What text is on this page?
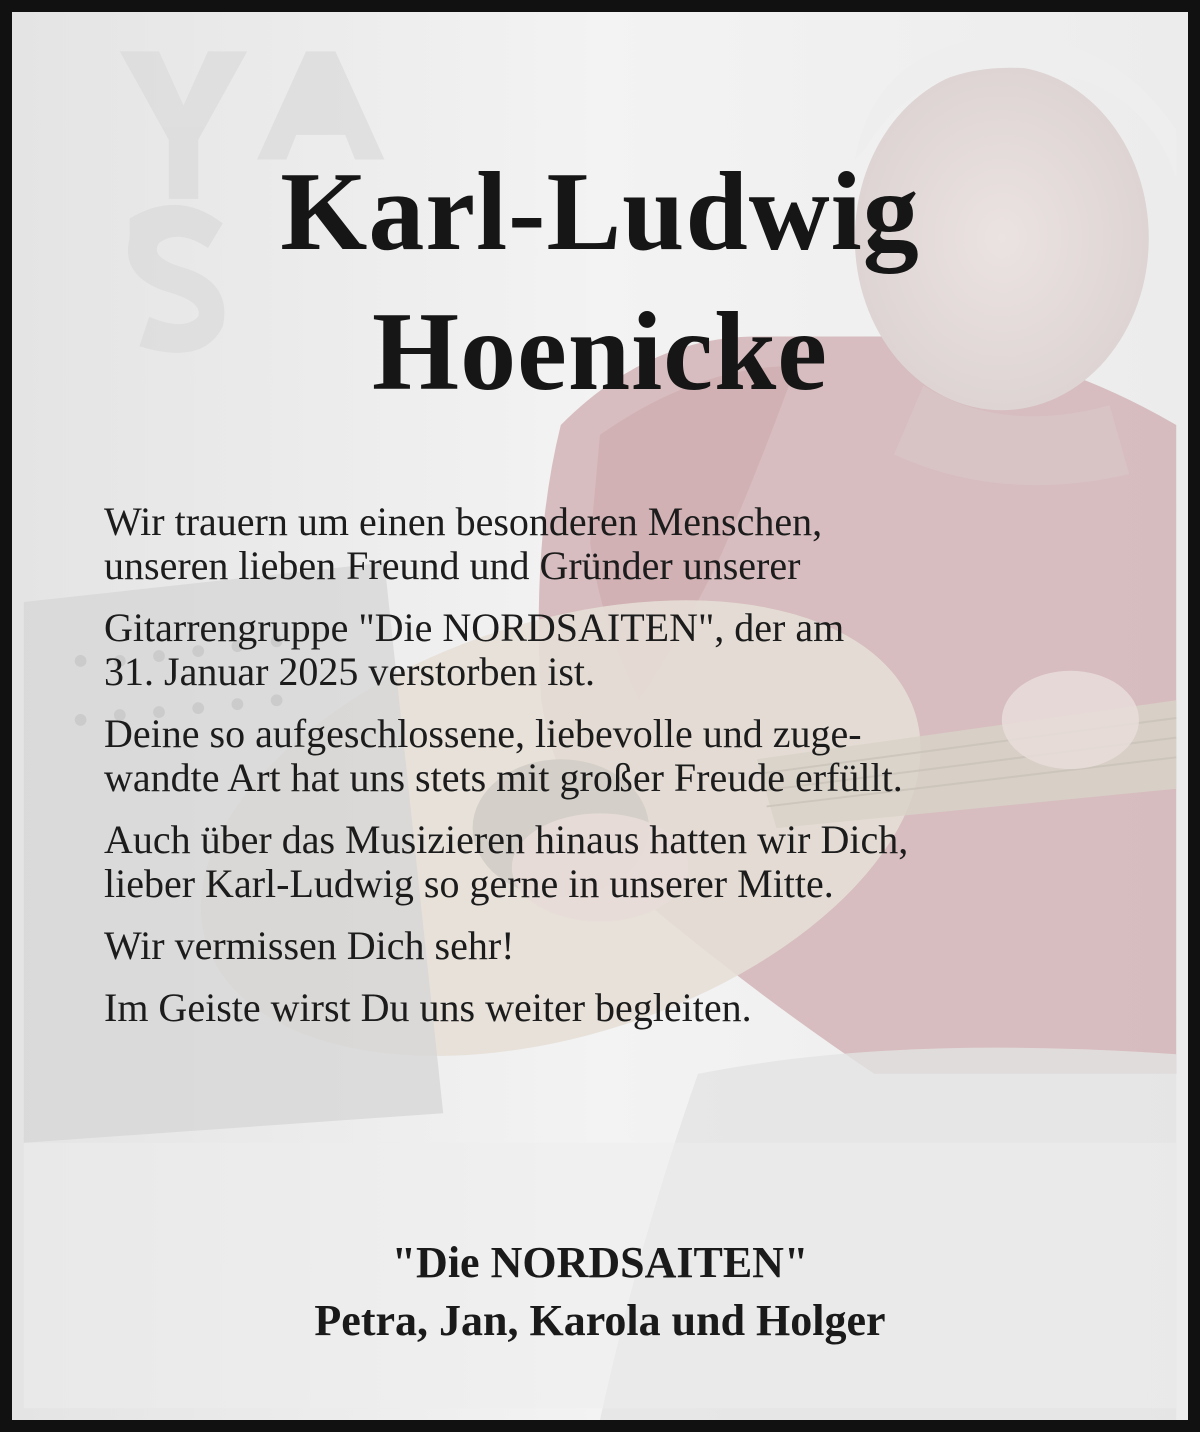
Karl-Ludwig
Hoenicke

Wir trauern um einen besonderen Menschen,
unseren lieben Freund und Gründer unserer

Gitarrengruppe "Die NORDSAITEN", der am
31. Januar 2025 verstorben ist.

Deine so aufgeschlossene, liebevolle und zuge-
wandte Art hat uns stets mit großer Freude erfüllt.

Auch über das Musizieren hinaus hatten wir Dich,
lieber Karl-Ludwig so gerne in unserer Mitte.

Wir vermissen Dich sehr!

Im Geiste wirst Du uns weiter begleiten.

"Die NORDSAITEN"
Petra, Jan, Karola und Holger
